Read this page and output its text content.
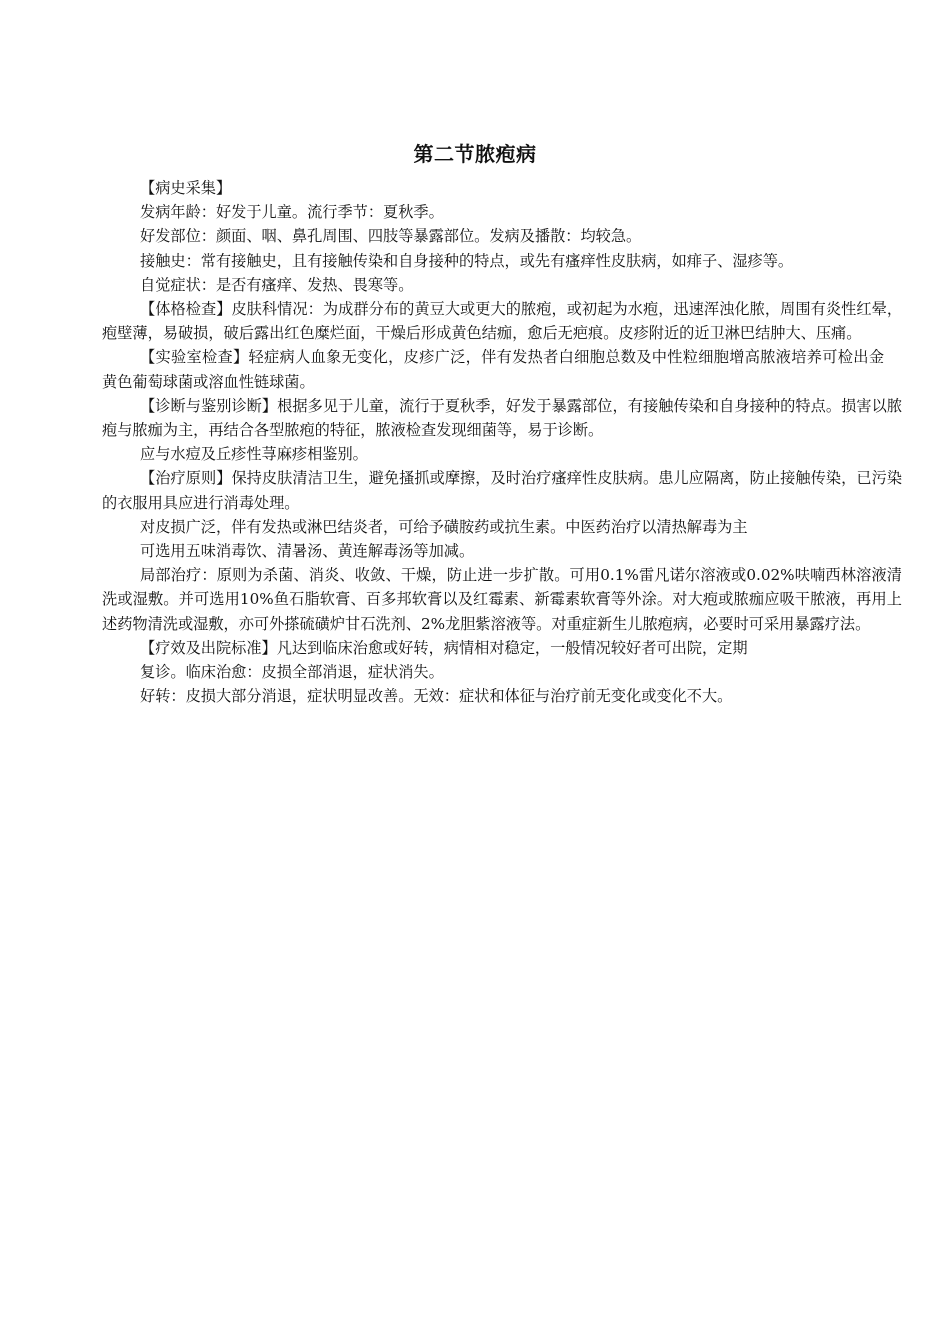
第二节脓疱病

【病史采集】

发病年龄：好发于儿童。流行季节：夏秋季。

好发部位：颜面、咽、鼻孔周围、四肢等暴露部位。发病及播散：均较急。

接触史：常有接触史，且有接触传染和自身接种的特点，或先有瘙痒性皮肤病，如痱子、湿疹等。

自觉症状：是否有瘙痒、发热、畏寒等。

【体格检查】皮肤科情况：为成群分布的黄豆大或更大的脓疱，或初起为水疱，迅速浑浊化脓，周围有炎性红晕，疱壁薄，易破损，破后露出红色糜烂面，干燥后形成黄色结痂，愈后无疤痕。皮疹附近的近卫淋巴结肿大、压痛。

【实验室检查】轻症病人血象无变化，皮疹广泛，伴有发热者白细胞总数及中性粒细胞增高脓液培养可检出金黄色葡萄球菌或溶血性链球菌。

【诊断与鉴别诊断】根据多见于儿童，流行于夏秋季，好发于暴露部位，有接触传染和自身接种的特点。损害以脓疱与脓痂为主，再结合各型脓疱的特征，脓液检查发现细菌等，易于诊断。

应与水痘及丘疹性荨麻疹相鉴别。

【治疗原则】保持皮肤清洁卫生，避免搔抓或摩擦，及时治疗瘙痒性皮肤病。患儿应隔离，防止接触传染，已污染的衣服用具应进行消毒处理。

对皮损广泛，伴有发热或淋巴结炎者，可给予磺胺药或抗生素。中医药治疗以清热解毒为主

可选用五味消毒饮、清暑汤、黄连解毒汤等加减。

局部治疗：原则为杀菌、消炎、收敛、干燥，防止进一步扩散。可用0.1%雷凡诺尔溶液或0.02%呋喃西林溶液清洗或湿敷。并可选用10%鱼石脂软膏、百多邦软膏以及红霉素、新霉素软膏等外涂。对大疱或脓痂应吸干脓液，再用上述药物清洗或湿敷，亦可外搽硫磺炉甘石洗剂、2%龙胆紫溶液等。对重症新生儿脓疱病，必要时可采用暴露疗法。

【疗效及出院标准】凡达到临床治愈或好转，病情相对稳定，一般情况较好者可出院，定期

复诊。临床治愈：皮损全部消退，症状消失。

好转：皮损大部分消退，症状明显改善。无效：症状和体征与治疗前无变化或变化不大。
